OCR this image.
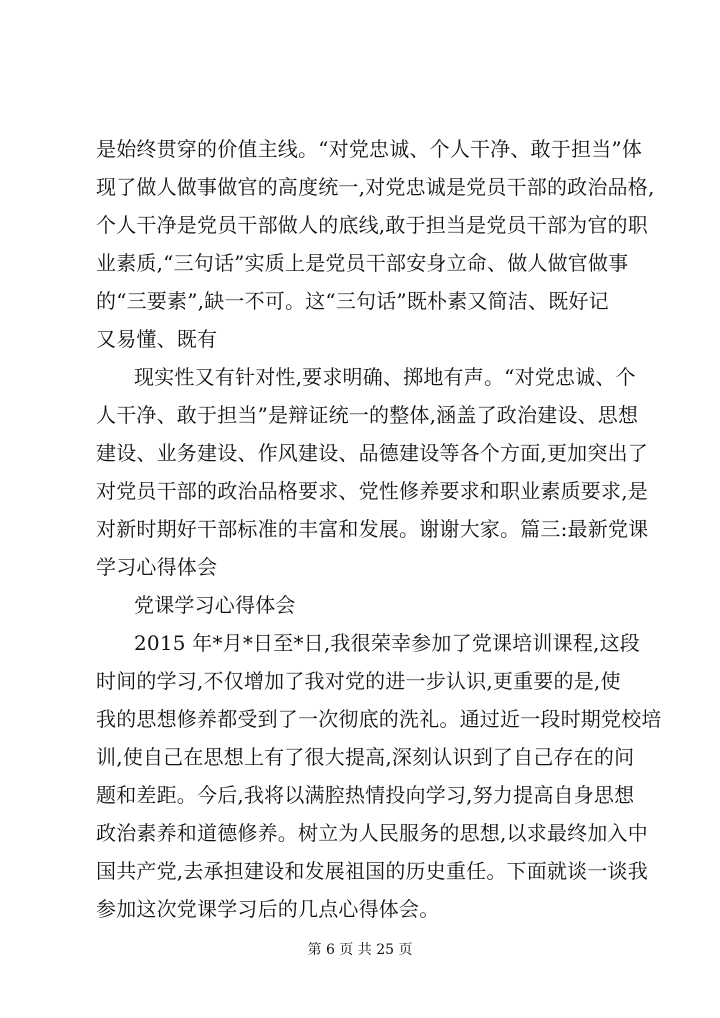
是始终贯穿的价值主线。“对党忠诚、个人干净、敢于担当”体
现了做人做事做官的高度统一,对党忠诚是党员干部的政治品格,
个人干净是党员干部做人的底线,敢于担当是党员干部为官的职
业素质,“三句话”实质上是党员干部安身立命、做人做官做事
的“三要素”,缺一不可。这“三句话”既朴素又简洁、既好记
又易懂、既有
现实性又有针对性,要求明确、掷地有声。“对党忠诚、个
人干净、敢于担当”是辩证统一的整体,涵盖了政治建设、思想
建设、业务建设、作风建设、品德建设等各个方面,更加突出了
对党员干部的政治品格要求、党性修养要求和职业素质要求,是
对新时期好干部标准的丰富和发展。谢谢大家。篇三:最新党课
学习心得体会
党课学习心得体会
2015 年*月*日至*日,我很荣幸参加了党课培训课程,这段
时间的学习,不仅增加了我对党的进一步认识,更重要的是,使
我的思想修养都受到了一次彻底的洗礼。通过近一段时期党校培
训,使自己在思想上有了很大提高,深刻认识到了自己存在的问
题和差距。今后,我将以满腔热情投向学习,努力提高自身思想
政治素养和道德修养。树立为人民服务的思想,以求最终加入中
国共产党,去承担建设和发展祖国的历史重任。下面就谈一谈我
参加这次党课学习后的几点心得体会。
第 6 页 共 25 页
